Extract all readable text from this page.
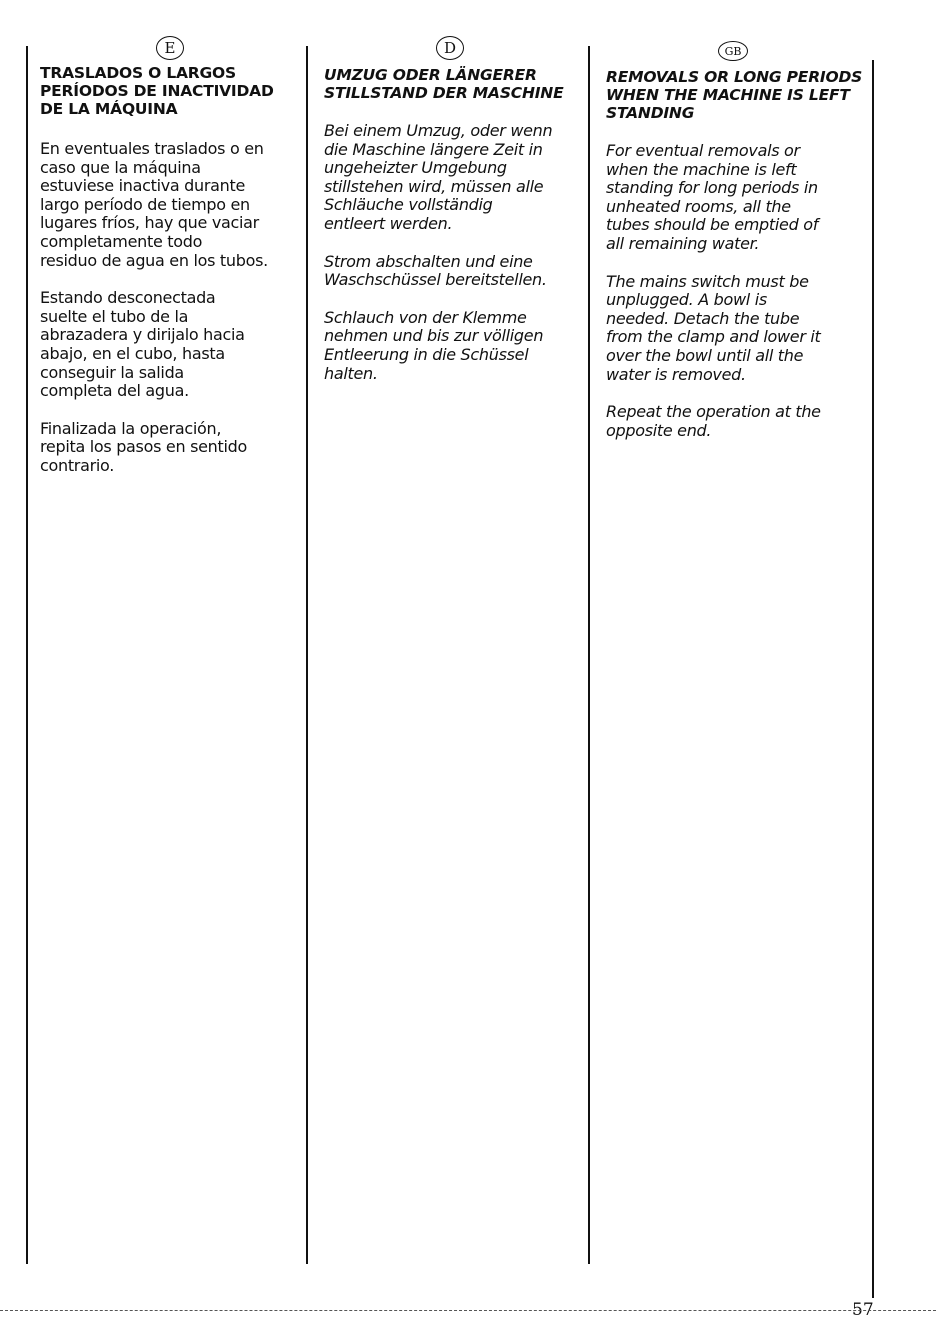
E
TRASLADOS O LARGOS
PERÍODOS DE INACTIVIDAD
DE LA MÁQUINA

En eventuales traslados o en
caso que la máquina
estuviese inactiva durante
largo período de tiempo en
lugares fríos, hay que vaciar
completamente todo
residuo de agua en los tubos.

Estando desconectada
suelte el tubo de la
abrazadera y dirijalo hacia
abajo, en el cubo, hasta
conseguir la salida
completa del agua.

Finalizada la operación,
repita los pasos en sentido
contrario.

D
UMZUG ODER LÄNGERER
STILLSTAND DER MASCHINE

Bei einem Umzug, oder wenn
die Maschine längere Zeit in
ungeheizter Umgebung
stillstehen wird, müssen alle
Schläuche vollständig
entleert werden.

Strom abschalten und eine
Waschschüssel bereitstellen.

Schlauch von der Klemme
nehmen und bis zur völligen
Entleerung in die Schüssel
halten.

GB
REMOVALS OR LONG PERIODS
WHEN THE MACHINE IS LEFT
STANDING

For eventual removals or
when the machine is left
standing for long periods in
unheated rooms, all the
tubes should be emptied of
all remaining water.

The mains switch must be
unplugged. A bowl is
needed. Detach the tube
from the clamp and lower it
over the bowl until all the
water is removed.

Repeat the operation at the
opposite end.

57
